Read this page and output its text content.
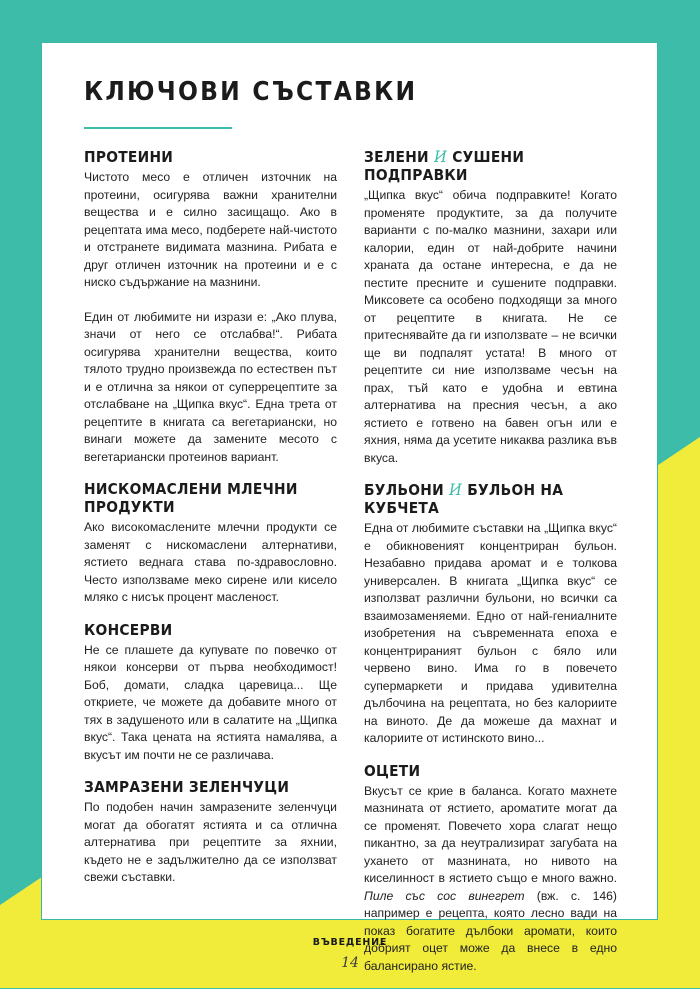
КЛЮЧОВИ СЪСТАВКИ
ПРОТЕИНИ

Чистото месо е отличен източник на протеини, осигурява важни хранителни вещества и е силно засищащо. Ако в рецептата има месо, подберете най-чистото и отстранете видимата мазнина. Рибата е друг отличен източник на протеини и е с ниско съдържание на мазнини.

Един от любимите ни изрази е: „Ако плува, значи от него се отслабва!“. Рибата осигурява хранителни вещества, които тялото трудно произвежда по естествен път и е отлична за някои от суперрецептите за отслабване на „Щипка вкус“. Една трета от рецептите в книгата са вегетариански, но винаги можете да замените месото с вегетариански протеинов вариант.

НИСКОМАСЛЕНИ МЛЕЧНИ ПРОДУКТИ

Ако високомаслените млечни продукти се заменят с нискомаслени алтернативи, ястието веднага става по-здравословно. Често използваме меко сирене или кисело мляко с нисък процент масленост.

КОНСЕРВИ

Не се плашете да купувате по повечко от някои консерви от първа необходимост! Боб, домати, сладка царевица... Ще откриете, че можете да добавите много от тях в задушеното или в салатите на „Щипка вкус“. Така цената на ястията намалява, а вкусът им почти не се различава.

ЗАМРАЗЕНИ ЗЕЛЕНЧУЦИ

По подобен начин замразените зеленчуци могат да обогатят ястията и са отлична алтернатива при рецептите за яхнии, където не е задължително да се използват свежи съставки.

ЗЕЛЕНИ И СУШЕНИ ПОДПРАВКИ

„Щипка вкус“ обича подправките! Когато променяте продуктите, за да получите варианти с по-малко мазнини, захари или калории, един от най-добрите начини храната да остане интересна, е да не пестите пресните и сушените подправки. Миксовете са особено подходящи за много от рецептите в книгата. Не се притеснявайте да ги използвате – не всички ще ви подпалят устата! В много от рецептите си ние използваме чесън на прах, тъй като е удобна и евтина алтернатива на пресния чесън, а ако ястието е готвено на бавен огън или е яхния, няма да усетите никаква разлика във вкуса.

БУЛЬОНИ И БУЛЬОН НА КУБЧЕТА

Една от любимите съставки на „Щипка вкус“ е обикновеният концентриран бульон. Незабавно придава аромат и е толкова универсален. В книгата „Щипка вкус“ се използват различни бульони, но всички са взаимозаменяеми. Едно от най-гениалните изобретения на съвременната епоха е концентрираният бульон с бяло или червено вино. Има го в повечето супермаркети и придава удивителна дълбочина на рецептата, но без калориите на виното. Де да можеше да махнат и калориите от истинското вино...

ОЦЕТИ

Вкусът се крие в баланса. Когато махнете мазнината от ястието, ароматите могат да се променят. Повечето хора слагат нещо пикантно, за да неутрализират загубата на ухането от мазнината, но нивото на киселинност в ястието също е много важно. Пиле със сос винегрет (вж. с. 146) например е рецепта, която лесно вади на показ богатите дълбоки аромати, които добрият оцет може да внесе в едно балансирано ястие.

ВЪВЕДЕНИЕ
14
